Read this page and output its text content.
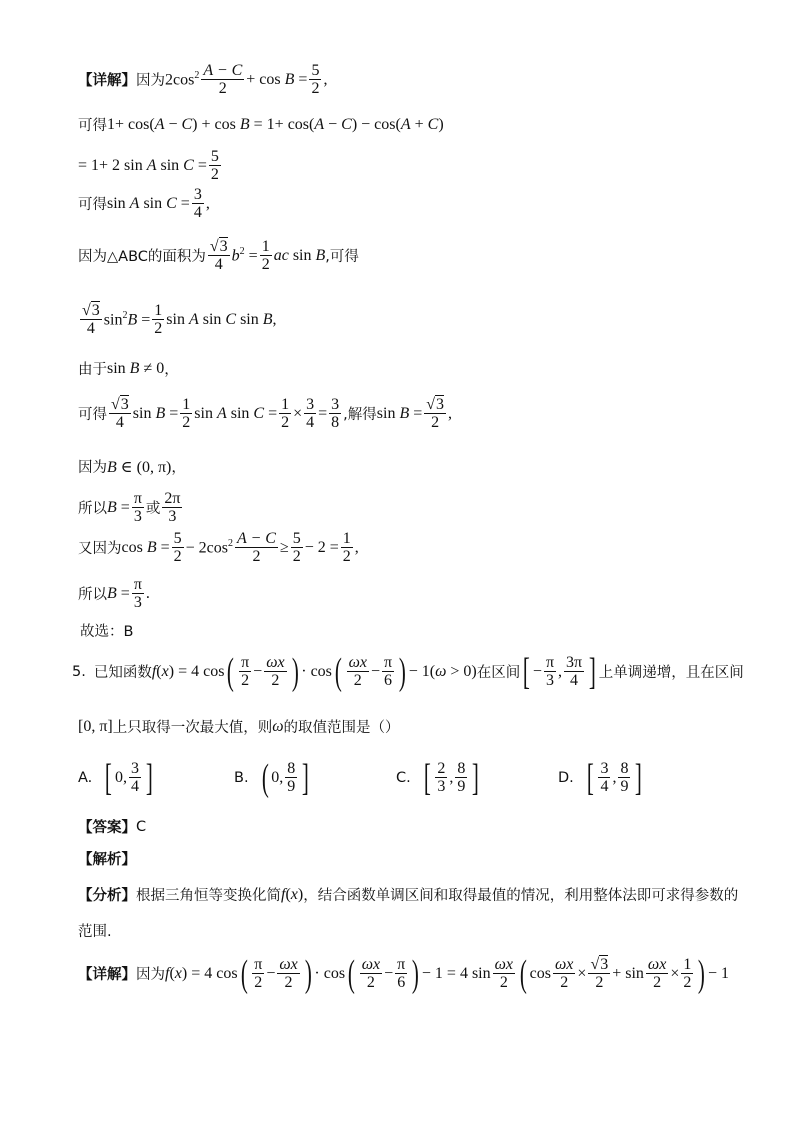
【详解】 因为 $2\cos^2 \frac{A - C}{2} + \cos B = \frac{5}{2}$ ,
可得 1+ cos(A − C) + cos B = 1+ cos(A − C) − cos(A + C)
= 1+ 2 sin A $\sin C = \frac{5}{2}$
可得 sin A $\sin C = \frac{3}{4}$ ,
因为△ABC的面积为 $\frac{√3}{4} b^2 = \frac{1}{2}$ ac sin B ,可得
$\frac{√3}{4} \sin^2B = \frac{1}{2}$ sin A sin C sin B,
由于 sin B ≠ 0 ，
可得 $\frac{√3}{4}$ $\sin B = \frac{1}{2}$ sin A $\sin C = \frac{1}{2} \times \frac{3}{4} = \frac{3}{8}$ ,解得 $\sin B = \frac{√3}{2}$ ,
因为 B ∈ (0, π) ，
所以 $B = \frac{\pi}{3}$ 或 $\frac{2\pi}{3}$
又因为 $\cos B = \frac{5}{2} - 2\cos^2 \frac{A - C}{2} \ge \frac{5}{2} - 2 = \frac{1}{2}$ ,
所以 $B = \frac{\pi}{3}$ .
故选：B
5. 已知函数 f(x) = 4 cos ( $\frac{\pi}{2} - \frac{\omega x}{2}$ ) · cos ( $\frac{\omega x}{2} - \frac{\pi}{6}$ ) − 1(ω > 0) 在区间 [ − $\frac{\pi}{3}$ , $\frac{3\pi}{4}$ ] 上单调递增，且在区间
[0, π] 上只取得一次最大值，则 ω 的取值范围是（）
A. [ 0 , $\frac{3}{4}$ ]	B. ( 0 , $\frac{8}{9}$ ]	C. [ $\frac{2}{3}$ , $\frac{8}{9}$ ]	D. [ $\frac{3}{4}$ , $\frac{8}{9}$ ]
【答案】 C
【解析】
【分析】 根据三角恒等变换化简 f(x) ，结合函数单调区间和取得最值的情况，利用整体法即可求得参数的
范围.
【详解】 因为 f(x) = 4 cos ( $\frac{\pi}{2} - \frac{\omega x}{2}$ ) · cos ( $\frac{\omega x}{2} - \frac{\pi}{6}$ ) − 1 = 4 $\sin \frac{\omega x}{2}$ ( $\cos \frac{\omega x}{2} \times \frac{√3}{2} + \sin \frac{\omega x}{2} \times \frac{1}{2}$ ) − 1
